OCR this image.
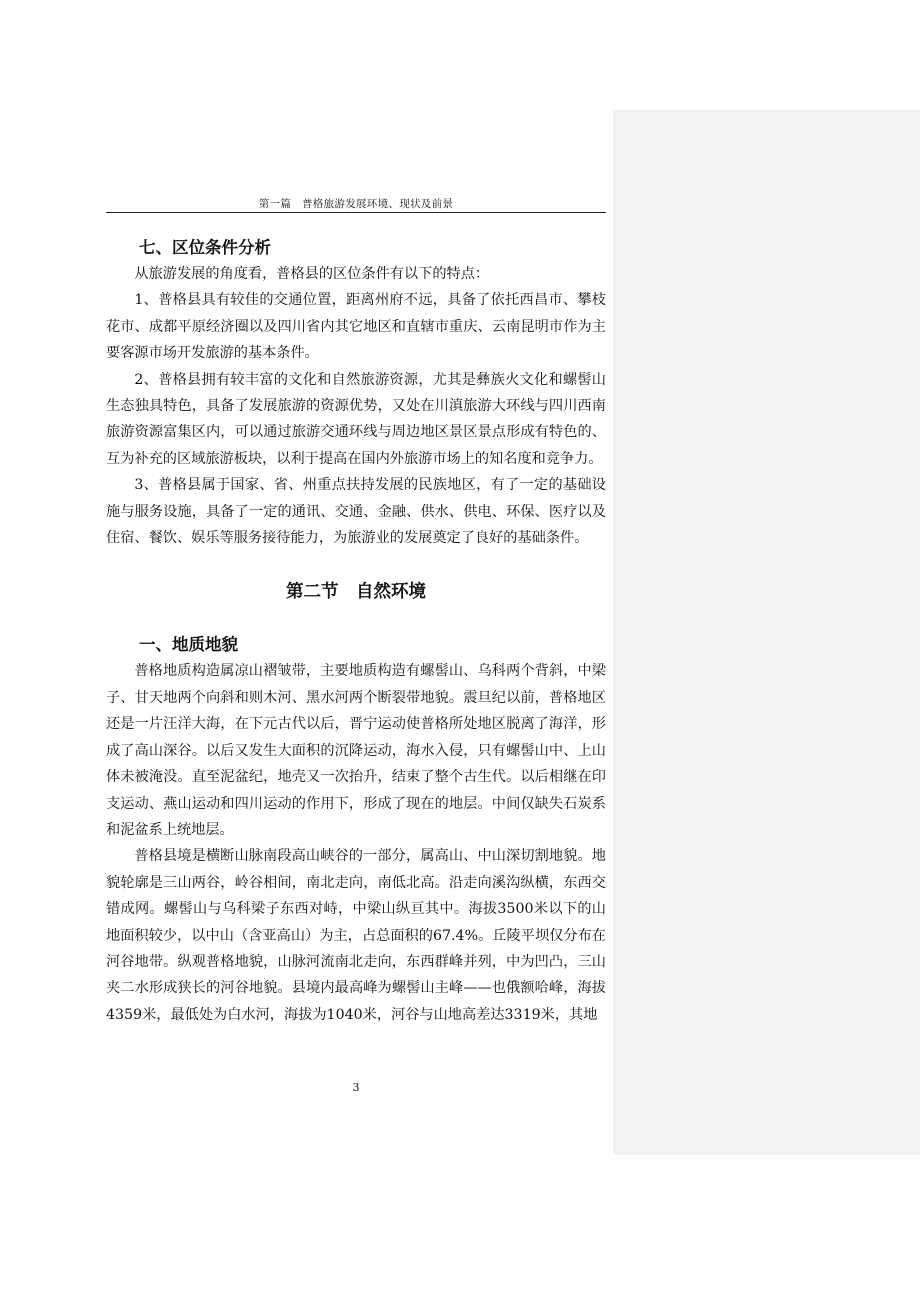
第一篇　普格旅游发展环境、现状及前景
七、区位条件分析

从旅游发展的角度看，普格县的区位条件有以下的特点：

1、普格县具有较佳的交通位置，距离州府不远，具备了依托西昌市、攀枝花市、成都平原经济圈以及四川省内其它地区和直辖市重庆、云南昆明市作为主要客源市场开发旅游的基本条件。

2、普格县拥有较丰富的文化和自然旅游资源，尤其是彝族火文化和螺髻山生态独具特色，具备了发展旅游的资源优势，又处在川滇旅游大环线与四川西南旅游资源富集区内，可以通过旅游交通环线与周边地区景区景点形成有特色的、互为补充的区域旅游板块，以利于提高在国内外旅游市场上的知名度和竞争力。

3、普格县属于国家、省、州重点扶持发展的民族地区，有了一定的基础设施与服务设施，具备了一定的通讯、交通、金融、供水、供电、环保、医疗以及住宿、餐饮、娱乐等服务接待能力，为旅游业的发展奠定了良好的基础条件。

第二节　自然环境
一、地质地貌

普格地质构造属凉山褶皱带，主要地质构造有螺髻山、乌科两个背斜，中梁子、甘天地两个向斜和则木河、黑水河两个断裂带地貌。震旦纪以前，普格地区还是一片汪洋大海，在下元古代以后，晋宁运动使普格所处地区脱离了海洋，形成了高山深谷。以后又发生大面积的沉降运动，海水入侵，只有螺髻山中、上山体未被淹没。直至泥盆纪，地壳又一次抬升，结束了整个古生代。以后相继在印支运动、燕山运动和四川运动的作用下，形成了现在的地层。中间仅缺失石炭系和泥盆系上统地层。

普格县境是横断山脉南段高山峡谷的一部分，属高山、中山深切割地貌。地貌轮廓是三山两谷，岭谷相间，南北走向，南低北高。沿走向溪沟纵横，东西交错成网。螺髻山与乌科梁子东西对峙，中梁山纵亘其中。海拔3500米以下的山地面积较少，以中山（含亚高山）为主，占总面积的67.4%。丘陵平坝仅分布在河谷地带。纵观普格地貌，山脉河流南北走向，东西群峰并列，中为凹凸，三山夹二水形成狭长的河谷地貌。县境内最高峰为螺髻山主峰——也俄额哈峰，海拔4359米，最低处为白水河，海拔为1040米，河谷与山地高差达3319米，其地

3
